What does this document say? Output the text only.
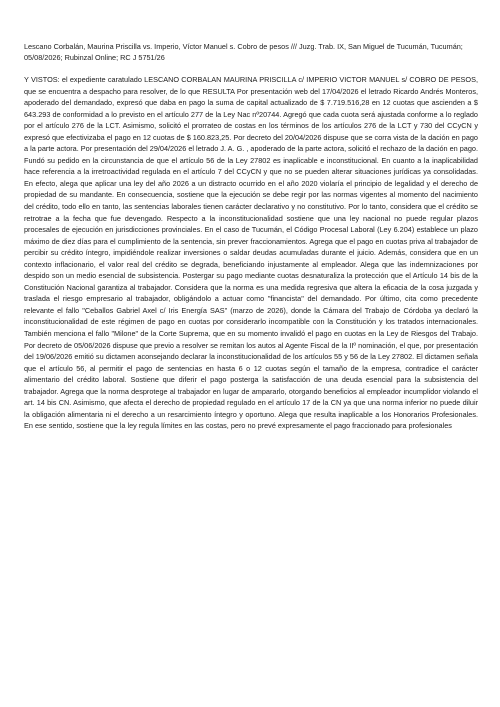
Lescano Corbalán, Maurina Priscilla vs. Imperio, Víctor Manuel s. Cobro de pesos /// Juzg. Trab. IX, San Miguel de Tucumán, Tucumán; 05/08/2026; Rubinzal Online; RC J 5751/26

Y VISTOS: el expediente caratulado LESCANO CORBALAN MAURINA PRISCILLA c/ IMPERIO VICTOR MANUEL s/ COBRO DE PESOS, que se encuentra a despacho para resolver, de lo que RESULTA Por presentación web del 17/04/2026 el letrado Ricardo Andrés Monteros, apoderado del demandado, expresó que daba en pago la suma de capital actualizado de $ 7.719.516,28 en 12 cuotas que ascienden a $ 643.293 de conformidad a lo previsto en el artículo 277 de la Ley Nac nº20744. Agregó que cada cuota será ajustada conforme a lo reglado por el artículo 276 de la LCT. Asimismo, solicitó el prorrateo de costas en los términos de los artículos 276 de la LCT y 730 del CCyCN y expresó que efectivizaba el pago en 12 cuotas de $ 160.823,25. Por decreto del 20/04/2026 dispuse que se corra vista de la dación en pago a la parte actora. Por presentación del 29/04/2026 el letrado J. A. G. , apoderado de la parte actora, solicitó el rechazo de la dación en pago. Fundó su pedido en la circunstancia de que el artículo 56 de la Ley 27802 es inaplicable e inconstitucional. En cuanto a la inaplicabilidad hace referencia a la irretroactividad regulada en el artículo 7 del CCyCN y que no se pueden alterar situaciones jurídicas ya consolidadas. En efecto, alega que aplicar una ley del año 2026 a un distracto ocurrido en el año 2020 violaría el principio de legalidad y el derecho de propiedad de su mandante. En consecuencia, sostiene que la ejecución se debe regir por las normas vigentes al momento del nacimiento del crédito, todo ello en tanto, las sentencias laborales tienen carácter declarativo y no constitutivo. Por lo tanto, considera que el crédito se retrotrae a la fecha que fue devengado. Respecto a la inconstitucionalidad sostiene que una ley nacional no puede regular plazos procesales de ejecución en jurisdicciones provinciales. En el caso de Tucumán, el Código Procesal Laboral (Ley 6.204) establece un plazo máximo de diez días para el cumplimiento de la sentencia, sin prever fraccionamientos. Agrega que el pago en cuotas priva al trabajador de percibir su crédito íntegro, impidiéndole realizar inversiones o saldar deudas acumuladas durante el juicio. Además, considera que en un contexto inflacionario, el valor real del crédito se degrada, beneficiando injustamente al empleador. Alega que las indemnizaciones por despido son un medio esencial de subsistencia. Postergar su pago mediante cuotas desnaturaliza la protección que el Artículo 14 bis de la Constitución Nacional garantiza al trabajador. Considera que la norma es una medida regresiva que altera la eficacia de la cosa juzgada y traslada el riesgo empresario al trabajador, obligándolo a actuar como "financista" del demandado. Por último, cita como precedente relevante el fallo "Ceballos Gabriel Axel c/ Iris Energía SAS" (marzo de 2026), donde la Cámara del Trabajo de Córdoba ya declaró la inconstitucionalidad de este régimen de pago en cuotas por considerarlo incompatible con la Constitución y los tratados internacionales. También menciona el fallo "Milone" de la Corte Suprema, que en su momento invalidó el pago en cuotas en la Ley de Riesgos del Trabajo. Por decreto de 05/06/2026 dispuse que previo a resolver se remitan los autos al Agente Fiscal de la IIº nominación, el que, por presentación del 19/06/2026 emitió su dictamen aconsejando declarar la inconstitucionalidad de los artículos 55 y 56 de la Ley 27802. El dictamen señala que el artículo 56, al permitir el pago de sentencias en hasta 6 o 12 cuotas según el tamaño de la empresa, contradice el carácter alimentario del crédito laboral. Sostiene que diferir el pago posterga la satisfacción de una deuda esencial para la subsistencia del trabajador. Agrega que la norma desprotege al trabajador en lugar de ampararlo, otorgando beneficios al empleador incumplidor violando el art. 14 bis CN. Asimismo, que afecta el derecho de propiedad regulado en el artículo 17 de la CN ya que una norma inferior no puede diluir la obligación alimentaria ni el derecho a un resarcimiento íntegro y oportuno. Alega que resulta inaplicable a los Honorarios Profesionales. En ese sentido, sostiene que la ley regula límites en las costas, pero no prevé expresamente el pago fraccionado para profesionales
